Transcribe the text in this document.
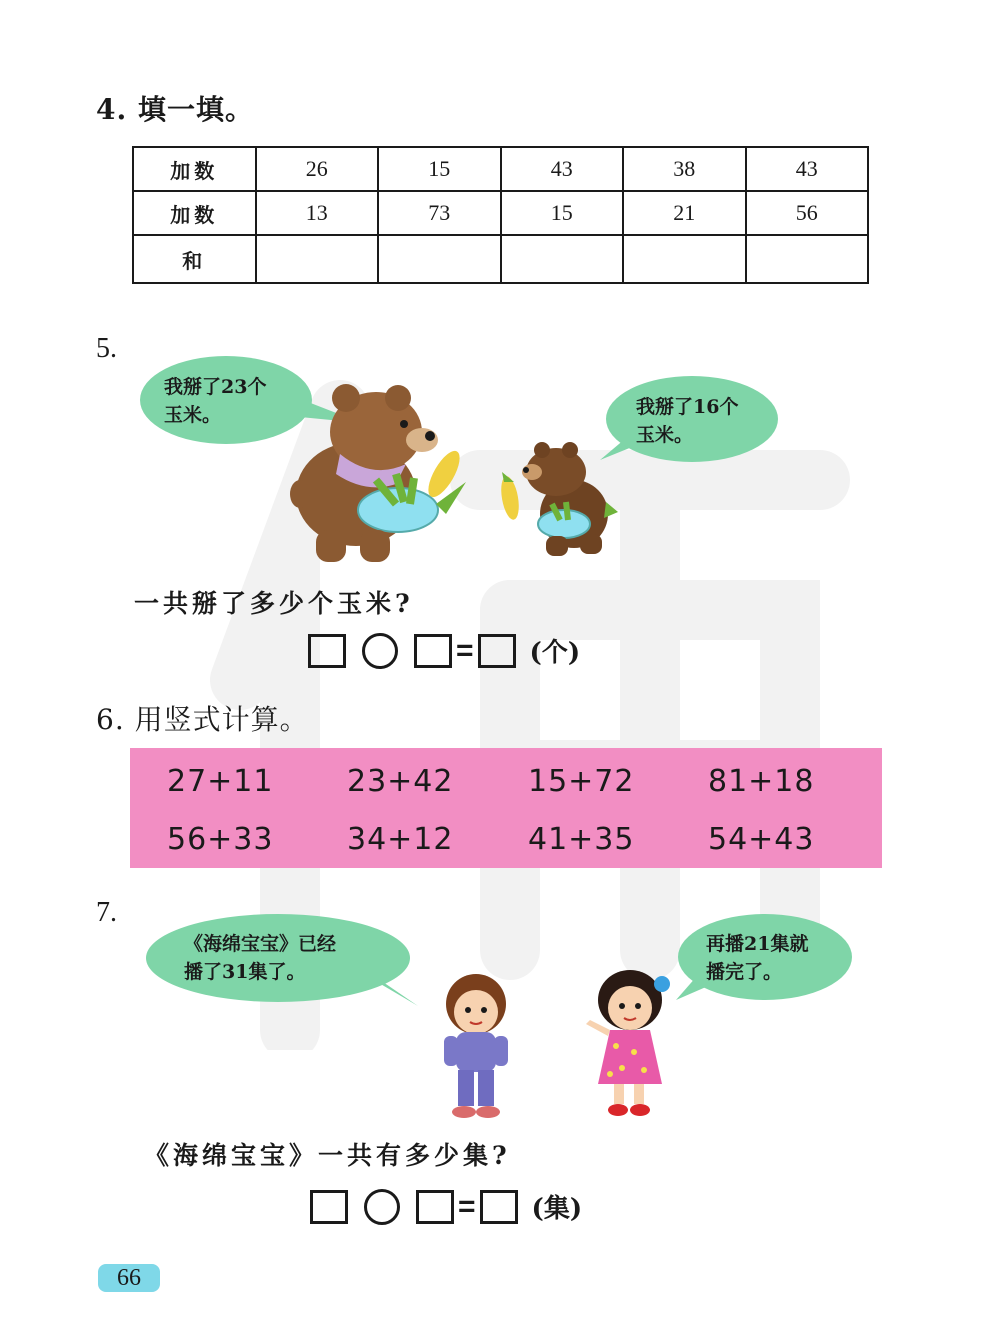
4. 填一填。
加数	26	15	43	38	43
加数	13	73	15	21	56
和					
5.
我掰了23个
玉米。	我掰了16个
玉米。
一共掰了多少个玉米?
= (个)
6. 用竖式计算。
27+11 23+42 15+72 81+18
56+33 34+12 41+35 54+43
7.
《海绵宝宝》已经
播了31集了。
再播21集就
播完了。
《海绵宝宝》一共有多少集?
= (集)
66
